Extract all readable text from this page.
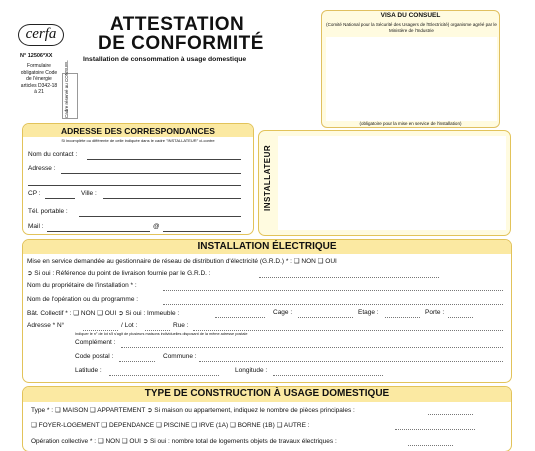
cerfa
N° 12506*XX
Formulaire obligatoire Code de l'énergie articles D342-18 à 21	Cadre réservé au CONSUEL
ATTESTATION
DE CONFORMITÉ
Installation de consommation à usage domestique
VISA DU CONSUEL
(Comité National pour la Sécurité des Usagers de l'Electricité) organisme agréé par le Ministère de l'Industrie
(obligatoire pour la mise en service de l'installation)
ADRESSE DES CORRESPONDANCES
Si incomplète ou différente de celle indiquée dans le cadre "INSTALLATEUR" ci-contre
Nom du contact :
Adresse :
CP :	Ville :
Tél. portable :
Mail :	@
INSTALLATEUR
INSTALLATION ÉLECTRIQUE
Mise en service demandée au gestionnaire de réseau de distribution d'électricité (G.R.D.) * : ❑ NON ❑ OUI
➲ Si oui : Référence du point de livraison fournie par le G.R.D. :
Nom du propriétaire de l'installation * :
Nom de l'opération ou du programme :
Bât. Collectif * : ❑ NON ❑ OUI ➲ Si oui : Immeuble :	Cage :	Etage :	Porte :
Adresse * N°	/ Lot :	Rue :
Indiquer le n° de lot s'il s'agit de plusieurs maisons individuelles disposant de la même adresse postale
Complément :
Code postal :	Commune :
Latitude :	Longitude :
TYPE DE CONSTRUCTION À USAGE DOMESTIQUE
Type * : ❑ MAISON ❑ APPARTEMENT ➲ Si maison ou appartement, indiquez le nombre de pièces principales :
❑ FOYER-LOGEMENT ❑ DEPENDANCE ❑ PISCINE ❑ IRVE (1A) ❑ BORNE (1B) ❑ AUTRE :
Opération collective * : ❑ NON ❑ OUI ➲ Si oui : nombre total de logements objets de travaux électriques :
